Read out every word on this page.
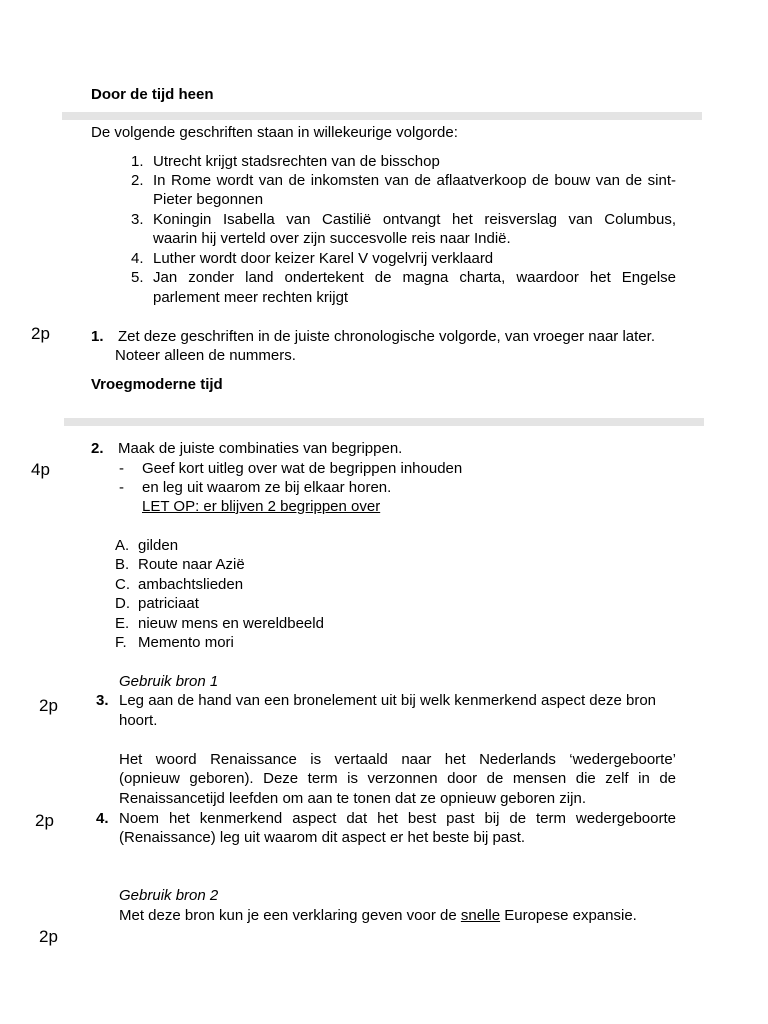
Door de tijd heen
De volgende geschriften staan in willekeurige volgorde:
1. Utrecht krijgt stadsrechten van de bisschop
2. In Rome wordt van de inkomsten van de aflaatverkoop de bouw van de sint-
Pieter begonnen
3. Koningin Isabella van Castilië ontvangt het reisverslag van Columbus,
waarin hij verteld over zijn succesvolle reis naar Indië.
4. Luther wordt door keizer Karel V vogelvrij verklaard
5. Jan zonder land ondertekent de magna charta, waardoor het Engelse
parlement meer rechten krijgt
2p	1. Zet deze geschriften in de juiste chronologische volgorde, van vroeger naar later.
Noteer alleen de nummers.
Vroegmoderne tijd
2. Maak de juiste combinaties van begrippen.
4p	- Geef kort uitleg over wat de begrippen inhouden
- en leg uit waarom ze bij elkaar horen.
LET OP: er blijven 2 begrippen over
A. gilden
B. Route naar Azië
C. ambachtslieden
D. patriciaat
E. nieuw mens en wereldbeeld
F. Memento mori
Gebruik bron 1
2p	3. Leg aan de hand van een bronelement uit bij welk kenmerkend aspect deze bron
hoort.
Het woord Renaissance is vertaald naar het Nederlands ‘wedergeboorte’
(opnieuw geboren). Deze term is verzonnen door de mensen die zelf in de
Renaissancetijd leefden om aan te tonen dat ze opnieuw geboren zijn.
2p	4. Noem het kenmerkend aspect dat het best past bij de term wedergeboorte
(Renaissance) leg uit waarom dit aspect er het beste bij past.
Gebruik bron 2
Met deze bron kun je een verklaring geven voor de snelle Europese expansie.
2p
